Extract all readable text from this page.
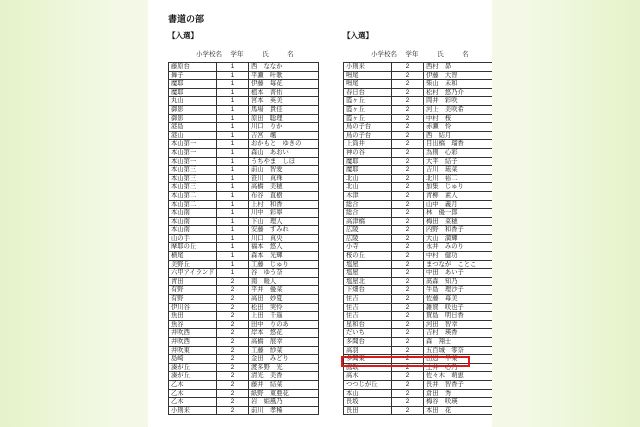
書道の部
【入選】
小学校名	学年	氏　名
藤原台	1	西　ななか
舞子	1	平瀬　叶歌
魔耶	1	伊藤　毎花
魔耶	1	植本　菁佑
丸山	1	宮本　英美
御影	1	馬場　貴佳
御影	1	原田　聡理
港島	1	川口　りか
港山	1	吉宮　颯
本山第一	1	おかもと　ゆきの
本山第一	1	森山　あおい
本山第一	1	うちやま　しほ
本山第三	1	前山　智愛
本山第三	1	笹川　真珠
本山第三	1	高橋　美穂
本山第二	1	布谷　直樹
本山第二	1	上村　和香
本山南	1	川中　彩寧
本山南	1	下山　理人
本山南	1	安藤　すみれ
山の手	1	川口　真央
摩耶の丘	1	福本　悠人
横尾	1	森本　光輝
美野丘	1	工藤　じゅり
六甲アイランド	1	谷　ゆう奈
青田	2	南　暖人
有野	2	平井　優菜
有野	2	高田　妙夏
伊川谷	2	松田　実怜
魚田	2	上田　千遥
魚谷	2	田中　りのあ
井吹西	2	岸本　悠花
井吹西	2	高橋　展幸
井吹東	2	工藤　紗菜
島崎	2	金田　みどり
湊が丘	2	渡多野　光
湊が丘	2	清光　美香
乙木	2	藤井　結菜
乙木	2	紙野　東亜花
乙木	2	岩　姫風乃
小則来	2	前川　孝稀
【入選】
小学校名	学年	氏　名
小則来	2	西村　昴
鳴尾	2	伊藤　大智
鳴尾	2	柴山　未和
春日台	2	松村　悠乃介
霞ヶ丘	2	岡井　彩咲
霞ヶ丘	2	河上　美咲希
霞ヶ丘	2	中村　桜
鳥の子台	2	赤瀬　怜
鳥の子台	2	西　結月
上筒井	2	目出橋　瑠香
神の谷	2	為則　心彩
魔耶	2	大平　結子
魔耶	2	吉川　琉菜
北山	2	北川　裕二
北山	2	加集　じゅり
木津	2	青柳　素人
総合	2	山中　義月
総合	2	林　優一郎
高津橋	2	梅田　菜穂
広陵	2	内野　和香子
広陵	2	大山　満輝
小寺	2	永井　みのり
桜の丘	2	中村　健功
塩屋	2	まつなが　ことこ
塩屋	2	中田　あい子
塩屋北	2	髙森　知乃
下畑台	2	牛島　理沙子
住吉	2	佐藤　苺美
住吉	2	雑賀　咲也子
住吉	2	賀島　明日香
星和台	2	河田　智幸
だいち	2	吉村　瑛香
多聞台	2	森　翔士
高羽	2	五百城　零奈
多聞東	2	田辺　早菜
鷹取	2	土井　心乃
高木	2	佐々木　萌恵
つつじが丘	2	長井　智香子
本山	2	倉田　秀
長坂	2	梅谷　咲瑛
長田	2	本田　花
